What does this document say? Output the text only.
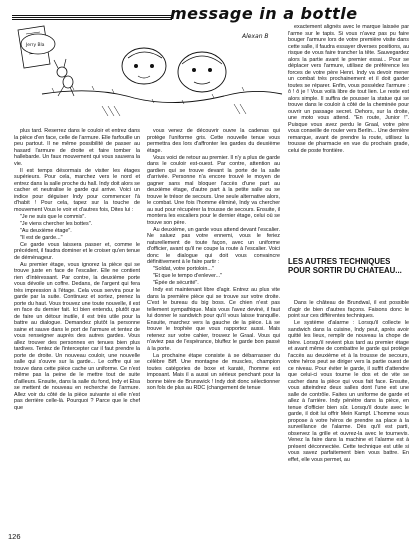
message in a bottle
Jerry Bla
Alexan B

plus tard. Reserrez dans le couloir et entrez dans la pièce d'en face, celle de l'armure. Elle farfouille un peu partout. Il ne même possibilité de passer au hasard l'armure de droite et faire tomber la hallebarde. Un faux mouvement qui vous sauvera la vie.

Il est temps désormais de visiter les étages supérieurs. Pour cela, marchez vers le nord et entrez dans la salle proche du hall. Indy doit alors se cacher et neutralise le garde qui arrive. Voici un indice pour déguiser Indy pour commencer l'à d'habit ! Pour cela, tapez sur la touche de mouvement Vous le voir et d'autres fois, Dites lui :

"Je ne suis que le commis".

"Je viens chercher les bottes".

"Au deuxième étage".

"Il est de garde..."

Ce garde vous laissera passer et, comme le précédent, il faudra dominer et le croiser qu'en tenue de déménageur.

Au premier étage, vous ignorez la pièce qui se trouve juste en face de l'escalier. Elle ne contient rien d'intéressant. Par contre, la deuxième porte vous dévoile un coffre. Dedans, de l'argent qui fera très impression à l'étage. Cela vous servira pour le garde par la suite. Continuez et sortez, prenez la porte du haut. Vous trouvez une toute nouvelle, il est en face du dernier fait. Ici bien entendu, plutôt que de faire un détour inutile, il est très utile pour la battre au dialogue. Demandez plutôt la personne saine et sauve dans le port de l'armure et tentez de vous renseigner auprès des autres gardes. Vous allez trouver des personnes en tenues bien plus tardives. Tentez de l'intercepter car il faut prendre la porte de droite. Un nouveau couloir, une nouvelle salle qui s'ouvre sur la garde... Le coffre qui se trouve dans cette pièce cache un uniforme. Ce n'est même pas la peine de le mettre tout de suite d'ailleurs. Ensuite, dans la salle du fond, Indy et Elsa se mettent de nouveau en recherche de l'armure. Allez voir du côté de la pièce suivante si elle n'est pas derrière celle-là. Pourquoi ? Parce que le chef que

vous venez de découvrir ouvre la cadenas qui protège l'uniforme gris. Cette nouvelle tenue vous permettra des lors d'affronter les gardes du deuxième étage.

Vous voici de retour au premier. Il n'y a plus de garde dans le couloir est-ouest. Par contre, attention au gardien qui se trouve devant la porte de la salle d'arrivée. Personne n'a encore trouvé le moyen de gagner sans mal bloquer l'accès d'une part au deuxième étage, d'autre part à la petite salle ou se trouve le trésor de secours. Une seule alternative alors, le combat. Une fois l'homme éliminé, Indy va chercher au sud pour récupérer la trousse de secours. Ensuite, il montera les escaliers pour le dernier étage, celui où se trouve son père.

Au deuxième, un garde vous attend devant l'escalier. Ne saluez pas votre ennemi, vous le feriez naturellement de toute façon, avec un uniforme d'officier, avant qu'il ne coupe la route à l'escalier. Voici donc le dialogue qui doit vous convaincre définitivement à le faire partir :

"Soldat, votre portoloin..."

"Et que le tempo d'enlever..."

"Épée de sécurité".

Indy est maintenant libre d'agir. Entrez au plus vite dans la première pièce qui se trouve sur votre droite. C'est le bureau du big boss. Ce chien n'est pas tellement sympathique. Mais vous l'avez deviné, il faut lui donner le sandwich pour qu'il vous laisse tranquille. Ensuite, marchez vers la gauche de la pièce. Là se trouve le trophée que vous rapportez aussi. Mais retenez sur votre cahier, trouvez le Graal. Vous qui n'aviez pas de l'espérance, bluffez le garde bon passé à la porte.

La prochaine étape consiste à se débarrasser du célèbre Biff. Une montagne de muscles, champion toutes catégories de boxe et karaté, l'homme est imposant. Mais il a aussi un sérieux penchant pour la bonne bière de Brunswick ! Indy doit donc sélectionner son fols de plus au RDC (changement de tenue

exactement alignés avec le marque laissée par l'arme sur le tapis. Si vous n'avez pas pu faire bouger l'armure lors de votre première visite dans cette salle, il faudra essayer diverses positions, au risque de vous faire trancher la tête. Sauvegardez alors la partie avant le premier essai... Pour se déplacer vers l'armure, utilisez de préférence les forces de votre père Henri. Indy va devoir mener un combat très prochainement et il doit garder toutes se réparer. Enfin, vous possédez l'armure : ô ! ô je ! Vous voilà libre de tout lien. Le reste est alors simple. Il suffira de pousser la statue qui se trouve dans le couloir à côté de la cheminée pour ouvrir un passage secret. Dehors, sur la droite, une moto vous attend. "En route, Junior !". Puisque vous avez perdu le Graal, votre père vous conseille de rouler vers Berlin... Une dernière remarque, avant de prendre la route, utilisez la trousse de pharmacie en vue du prochain grade, celui de poste frontière.

LES AUTRES TECHNIQUES POUR SORTIR DU CHATEAU...

Dans le château de Brundwal, il est possible d'agir de bien d'autres façons. Faisons donc le point sur ces différentes techniques.

Le système d'alarme : Lorsqu'il collecte le sandwich dans la cuisine, Indy peut, après avoir quitté les lieux, remplir de nouveau la chope de bière. Lorsqu'il revient plus tard au premier étage et avant même de combattre le garde qui protège l'accès au deuxième et à la trousse de secours, votre héros peut se diriger vers la partie ouest de ce niveau. Pour éviter le garde, il suffit d'attendre que celui-ci vous tourne le dos et de vite se cacher dans la pièce qui vous fait face. Ensuite, vous atteindrez deux salles dont l'une est une salle de contrôle. Faites un uniforme de garde et allez à l'arrière. Indy pénètre dans la pièce, en tenue d'officier bien sûr. Lorsqu'il doute avec le garde, il doit lui offrir Mein Kampf. L'homme vous propose à votre héros de prendre sa place à la surveillance de l'alarme. Dès qu'il est parti, observez la grille et ouvrez-la avec le tournevis. Venez la faire dans la machine et l'alarme est à présent déconnectée. Cette technique est utile si vous savez parfaitement bien vous battre. En effet, elle vous permet, au

126
